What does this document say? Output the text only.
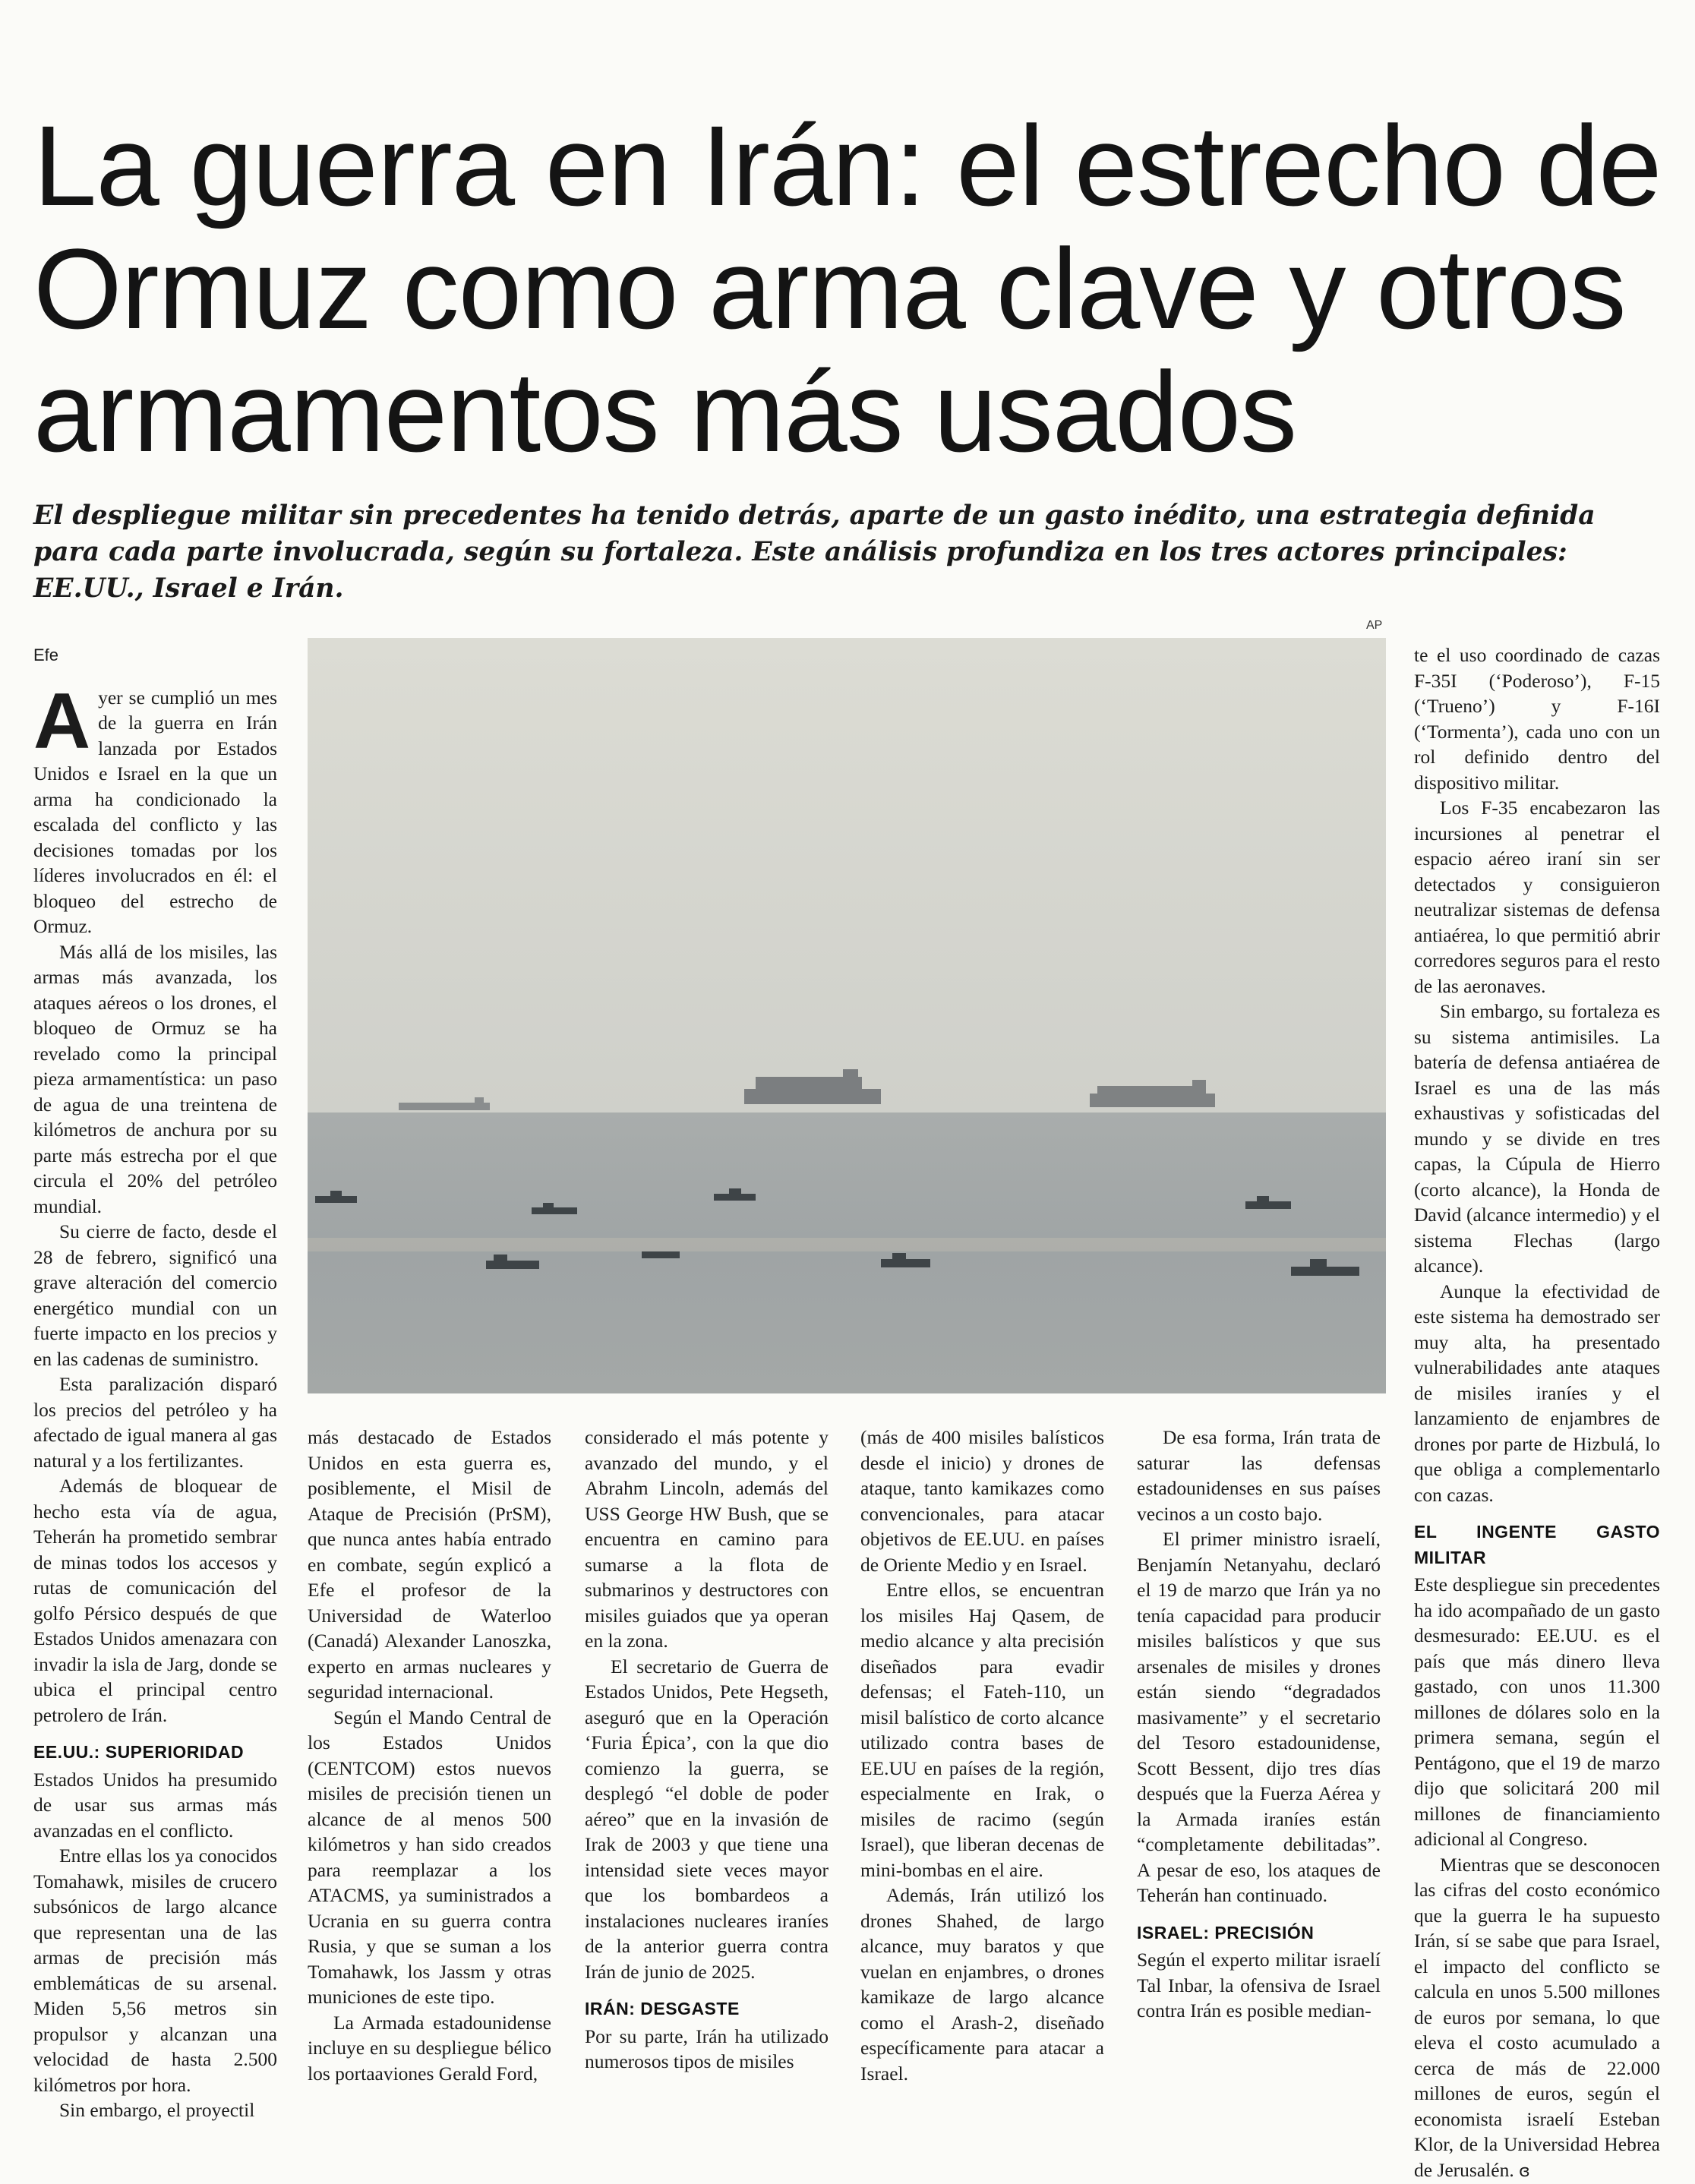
La guerra en Irán: el estrecho de Ormuz como arma clave y otros armamentos más usados
El despliegue militar sin precedentes ha tenido detrás, aparte de un gasto inédito, una estrategia definida para cada parte involucrada, según su fortaleza. Este análisis profundiza en los tres actores principales: EE.UU., Israel e Irán.
AP

Efe

Ayer se cumplió un mes de la guerra en Irán lanzada por Estados Unidos e Israel en la que un arma ha condicionado la escalada del conflicto y las decisiones tomadas por los líderes involucrados en él: el bloqueo del estrecho de Ormuz.

Más allá de los misiles, las armas más avanzada, los ataques aéreos o los drones, el bloqueo de Ormuz se ha revelado como la principal pieza armamentística: un paso de agua de una treintena de kilómetros de anchura por su parte más estrecha por el que circula el 20% del petróleo mundial.

Su cierre de facto, desde el 28 de febrero, significó una grave alteración del comercio energético mundial con un fuerte impacto en los precios y en las cadenas de suministro.

Esta paralización disparó los precios del petróleo y ha afectado de igual manera al gas natural y a los fertilizantes.

Además de bloquear de hecho esta vía de agua, Teherán ha prometido sembrar de minas todos los accesos y rutas de comunicación del golfo Pérsico después de que Estados Unidos amenazara con invadir la isla de Jarg, donde se ubica el principal centro petrolero de Irán.

EE.UU.: SUPERIORIDAD

Estados Unidos ha presumido de usar sus armas más avanzadas en el conflicto.

Entre ellas los ya conocidos Tomahawk, misiles de crucero subsónicos de largo alcance que representan una de las armas de precisión más emblemáticas de su arsenal. Miden 5,56 metros sin propulsor y alcanzan una velocidad de hasta 2.500 kilómetros por hora.

Sin embargo, el proyectil

más destacado de Estados Unidos en esta guerra es, posiblemente, el Misil de Ataque de Precisión (PrSM), que nunca antes había entrado en combate, según explicó a Efe el profesor de la Universidad de Waterloo (Canadá) Alexander Lanoszka, experto en armas nucleares y seguridad internacional.

Según el Mando Central de los Estados Unidos (CENTCOM) estos nuevos misiles de precisión tienen un alcance de al menos 500 kilómetros y han sido creados para reemplazar a los ATACMS, ya suministrados a Ucrania en su guerra contra Rusia, y que se suman a los Tomahawk, los Jassm y otras municiones de este tipo.

La Armada estadounidense incluye en su despliegue bélico los portaaviones Gerald Ford,

considerado el más potente y avanzado del mundo, y el Abrahm Lincoln, además del USS George HW Bush, que se encuentra en camino para sumarse a la flota de submarinos y destructores con misiles guiados que ya operan en la zona.

El secretario de Guerra de Estados Unidos, Pete Hegseth, aseguró que en la Operación ‘Furia Épica’, con la que dio comienzo la guerra, se desplegó “el doble de poder aéreo” que en la invasión de Irak de 2003 y que tiene una intensidad siete veces mayor que los bombardeos a instalaciones nucleares iraníes de la anterior guerra contra Irán de junio de 2025.

IRÁN: DESGASTE

Por su parte, Irán ha utilizado numerosos tipos de misiles

(más de 400 misiles balísticos desde el inicio) y drones de ataque, tanto kamikazes como convencionales, para atacar objetivos de EE.UU. en países de Oriente Medio y en Israel.

Entre ellos, se encuentran los misiles Haj Qasem, de medio alcance y alta precisión diseñados para evadir defensas; el Fateh-110, un misil balístico de corto alcance utilizado contra bases de EE.UU en países de la región, especialmente en Irak, o misiles de racimo (según Israel), que liberan decenas de mini-bombas en el aire.

Además, Irán utilizó los drones Shahed, de largo alcance, muy baratos y que vuelan en enjambres, o drones kamikaze de largo alcance como el Arash-2, diseñado específicamente para atacar a Israel.

De esa forma, Irán trata de saturar las defensas estadounidenses en sus países vecinos a un costo bajo.

El primer ministro israelí, Benjamín Netanyahu, declaró el 19 de marzo que Irán ya no tenía capacidad para producir misiles balísticos y que sus arsenales de misiles y drones están siendo “degradados masivamente” y el secretario del Tesoro estadounidense, Scott Bessent, dijo tres días después que la Fuerza Aérea y la Armada iraníes están “completamente debilitadas”. A pesar de eso, los ataques de Teherán han continuado.

ISRAEL: PRECISIÓN

Según el experto militar israelí Tal Inbar, la ofensiva de Israel contra Irán es posible median-

te el uso coordinado de cazas F-35I (‘Poderoso’), F-15 (‘Trueno’) y F-16I (‘Tormenta’), cada uno con un rol definido dentro del dispositivo militar.

Los F-35 encabezaron las incursiones al penetrar el espacio aéreo iraní sin ser detectados y consiguieron neutralizar sistemas de defensa antiaérea, lo que permitió abrir corredores seguros para el resto de las aeronaves.

Sin embargo, su fortaleza es su sistema antimisiles. La batería de defensa antiaérea de Israel es una de las más exhaustivas y sofisticadas del mundo y se divide en tres capas, la Cúpula de Hierro (corto alcance), la Honda de David (alcance intermedio) y el sistema Flechas (largo alcance).

Aunque la efectividad de este sistema ha demostrado ser muy alta, ha presentado vulnerabilidades ante ataques de misiles iraníes y el lanzamiento de enjambres de drones por parte de Hizbulá, lo que obliga a complementarlo con cazas.

EL INGENTE GASTO MILITAR

Este despliegue sin precedentes ha ido acompañado de un gasto desmesurado: EE.UU. es el país que más dinero lleva gastado, con unos 11.300 millones de dólares solo en la primera semana, según el Pentágono, que el 19 de marzo dijo que solicitará 200 mil millones de financiamiento adicional al Congreso.

Mientras que se desconocen las cifras del costo económico que la guerra le ha supuesto Irán, sí se sabe que para Israel, el impacto del conflicto se calcula en unos 5.500 millones de euros por semana, lo que eleva el costo acumulado a cerca de más de 22.000 millones de euros, según el economista israelí Esteban Klor, de la Universidad Hebrea de Jerusalén. ɞ
